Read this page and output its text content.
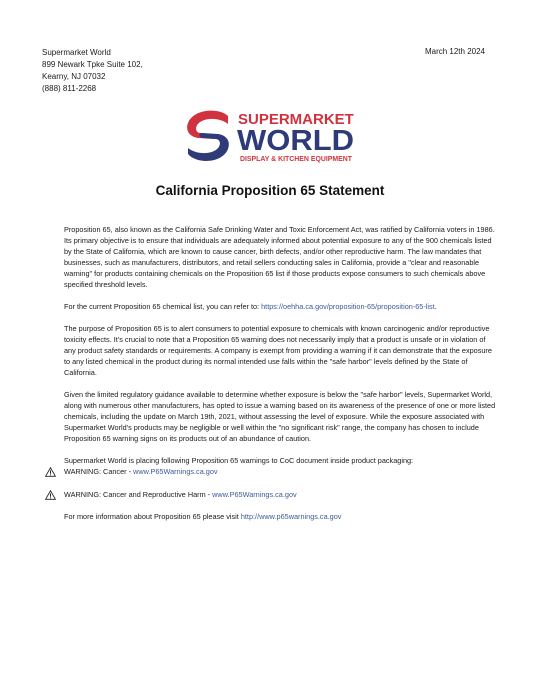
Supermarket World
899 Newark Tpke Suite 102,
Kearny, NJ 07032
(888) 811-2268
March 12th 2024
SUPERMARKET
WORLD
DISPLAY & KITCHEN EQUIPMENT
California Proposition 65 Statement

Proposition 65, also known as the California Safe Drinking Water and Toxic Enforcement Act, was ratified by California voters in 1986. Its primary objective is to ensure that individuals are adequately informed about potential exposure to any of the 900 chemicals listed by the State of California, which are known to cause cancer, birth defects, and/or other reproductive harm. The law mandates that businesses, such as manufacturers, distributors, and retail sellers conducting sales in California, provide a "clear and reasonable warning" for products containing chemicals on the Proposition 65 list if those products expose consumers to such chemicals above specified threshold levels.

For the current Proposition 65 chemical list, you can refer to: https://oehha.ca.gov/proposition-65/proposition-65-list.

The purpose of Proposition 65 is to alert consumers to potential exposure to chemicals with known carcinogenic and/or reproductive toxicity effects. It's crucial to note that a Proposition 65 warning does not necessarily imply that a product is unsafe or in violation of any product safety standards or requirements. A company is exempt from providing a warning if it can demonstrate that the exposure to any listed chemical in the product during its normal intended use falls within the "safe harbor" levels defined by the State of California.

Given the limited regulatory guidance available to determine whether exposure is below the "safe harbor" levels, Supermarket World, along with numerous other manufacturers, has opted to issue a warning based on its awareness of the presence of one or more listed chemicals, including the update on March 19th, 2021, without assessing the level of exposure. While the exposure associated with Supermarket World's products may be negligible or well within the "no significant risk" range, the company has chosen to include Proposition 65 warning signs on its products out of an abundance of caution.

Supermarket World is placing following Proposition 65 warnings to CoC document inside product packaging:

WARNING: Cancer - www.P65Warnings.ca.gov
WARNING: Cancer and Reproductive Harm - www.P65Warnings.ca.gov

For more information about Proposition 65 please visit http://www.p65warnings.ca.gov
